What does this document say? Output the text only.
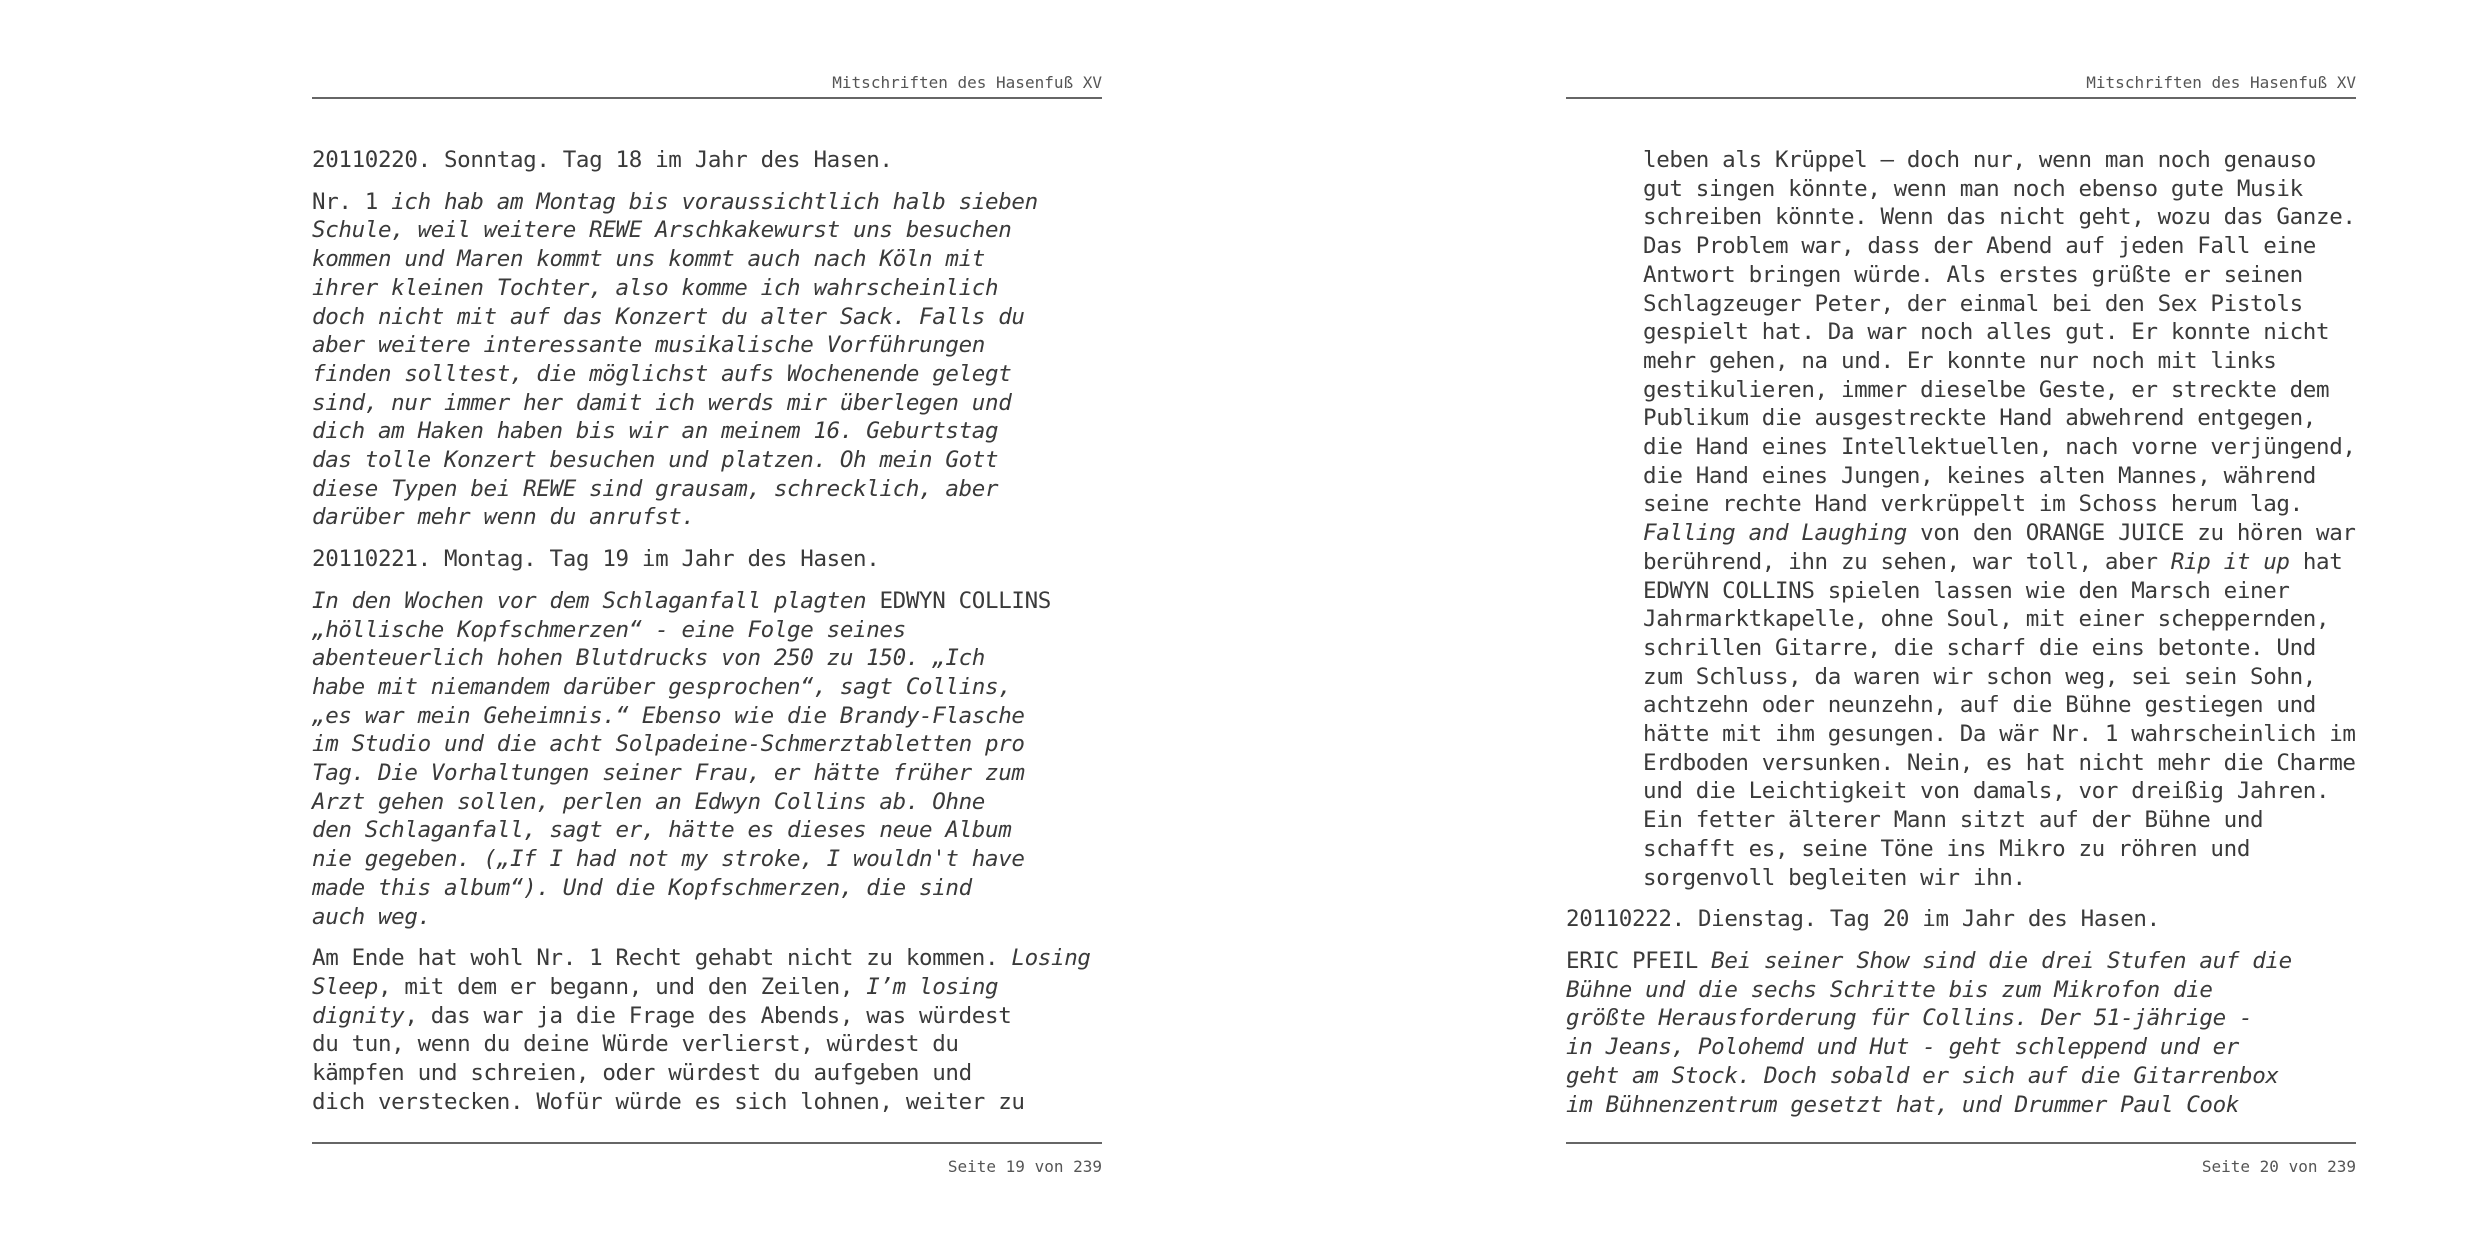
Mitschriften des Hasenfuß XV

20110220. Sonntag. Tag 18 im Jahr des Hasen.

Nr. 1 ich hab am Montag bis voraussichtlich halb sieben
Schule, weil weitere REWE Arschkakewurst uns besuchen
kommen und Maren kommt uns kommt auch nach Köln mit
ihrer kleinen Tochter, also komme ich wahrscheinlich
doch nicht mit auf das Konzert du alter Sack. Falls du
aber weitere interessante musikalische Vorführungen
finden solltest, die möglichst aufs Wochenende gelegt
sind, nur immer her damit ich werds mir überlegen und
dich am Haken haben bis wir an meinem 16. Geburtstag
das tolle Konzert besuchen und platzen. Oh mein Gott
diese Typen bei REWE sind grausam, schrecklich, aber
darüber mehr wenn du anrufst.

20110221. Montag. Tag 19 im Jahr des Hasen.

In den Wochen vor dem Schlaganfall plagten EDWYN COLLINS
„höllische Kopfschmerzen“ - eine Folge seines
abenteuerlich hohen Blutdrucks von 250 zu 150. „Ich
habe mit niemandem darüber gesprochen“, sagt Collins,
„es war mein Geheimnis.“ Ebenso wie die Brandy-Flasche
im Studio und die acht Solpadeine-Schmerztabletten pro
Tag. Die Vorhaltungen seiner Frau, er hätte früher zum
Arzt gehen sollen, perlen an Edwyn Collins ab. Ohne
den Schlaganfall, sagt er, hätte es dieses neue Album
nie gegeben. („If I had not my stroke, I wouldn't have
made this album“). Und die Kopfschmerzen, die sind
auch weg.

Am Ende hat wohl Nr. 1 Recht gehabt nicht zu kommen. Losing
Sleep, mit dem er begann, und den Zeilen, I’m losing
dignity, das war ja die Frage des Abends, was würdest
du tun, wenn du deine Würde verlierst, würdest du
kämpfen und schreien, oder würdest du aufgeben und
dich verstecken. Wofür würde es sich lohnen, weiter zu

Seite 19 von 239
Mitschriften des Hasenfuß XV

leben als Krüppel – doch nur, wenn man noch genauso
gut singen könnte, wenn man noch ebenso gute Musik
schreiben könnte. Wenn das nicht geht, wozu das Ganze.
Das Problem war, dass der Abend auf jeden Fall eine
Antwort bringen würde. Als erstes grüßte er seinen
Schlagzeuger Peter, der einmal bei den Sex Pistols
gespielt hat. Da war noch alles gut. Er konnte nicht
mehr gehen, na und. Er konnte nur noch mit links
gestikulieren, immer dieselbe Geste, er streckte dem
Publikum die ausgestreckte Hand abwehrend entgegen,
die Hand eines Intellektuellen, nach vorne verjüngend,
die Hand eines Jungen, keines alten Mannes, während
seine rechte Hand verkrüppelt im Schoss herum lag.
Falling and Laughing von den ORANGE JUICE zu hören war
berührend, ihn zu sehen, war toll, aber Rip it up hat
EDWYN COLLINS spielen lassen wie den Marsch einer
Jahrmarktkapelle, ohne Soul, mit einer scheppernden,
schrillen Gitarre, die scharf die eins betonte. Und
zum Schluss, da waren wir schon weg, sei sein Sohn,
achtzehn oder neunzehn, auf die Bühne gestiegen und
hätte mit ihm gesungen. Da wär Nr. 1 wahrscheinlich im
Erdboden versunken. Nein, es hat nicht mehr die Charme
und die Leichtigkeit von damals, vor dreißig Jahren.
Ein fetter älterer Mann sitzt auf der Bühne und
schafft es, seine Töne ins Mikro zu röhren und
sorgenvoll begleiten wir ihn.

20110222. Dienstag. Tag 20 im Jahr des Hasen.

ERIC PFEIL Bei seiner Show sind die drei Stufen auf die
Bühne und die sechs Schritte bis zum Mikrofon die
größte Herausforderung für Collins. Der 51-jährige -
in Jeans, Polohemd und Hut - geht schleppend und er
geht am Stock. Doch sobald er sich auf die Gitarrenbox
im Bühnenzentrum gesetzt hat, und Drummer Paul Cook

Seite 20 von 239
